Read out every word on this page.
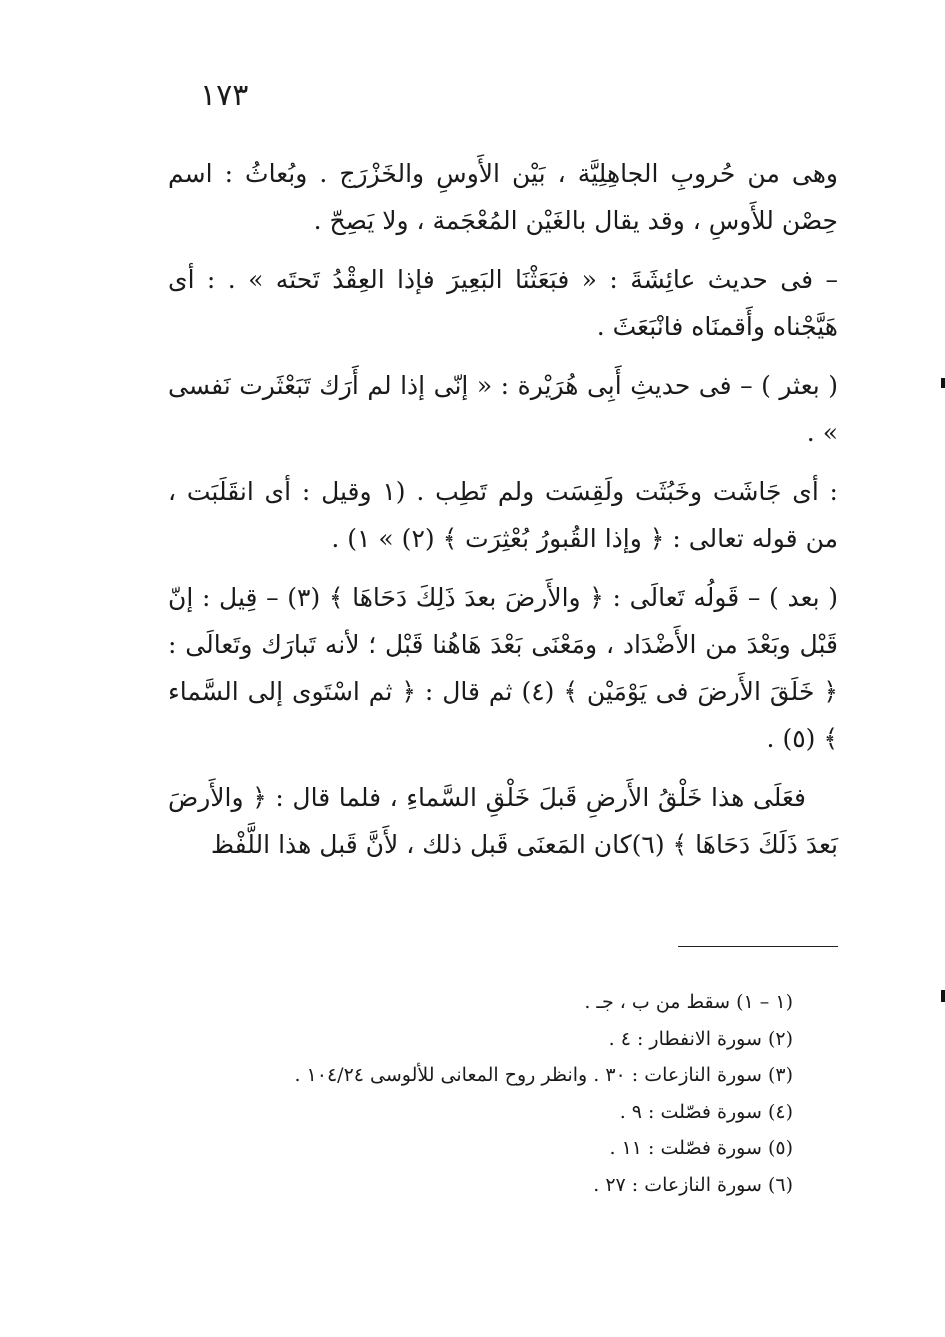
١٧٣

وهى من حُروبِ الجاهِلِيَّة ، بَيْن الأَوسِ والخَزْرَج . وبُعاثُ : اسم حِصْن للأَوسِ ، وقد يقال بالغَيْن المُعْجَمة ، ولا يَصِحّ .

– فى حديث عائِشَةَ : « فبَعَثْنَا البَعِيرَ فإذا العِقْدُ تَحتَه » . : أى هَيَّجْناه وأَقمنَاه فانْبَعَثَ .

( بعثر ) – فى حديثِ أَبِى هُرَيْرة : « إنّى إذا لم أَرَك تَبَعْثَرت نَفسى » .

: أى جَاشَت وخَبُثَت ولَقِسَت ولم تَطِب . (١ وقيل : أى انقَلَبَت ، من قوله تعالى : ﴿ وإذا القُبورُ بُعْثِرَت ﴾ (٢) » ١) .

( بعد ) – قَولُه تَعالَى : ﴿ والأَرضَ بعدَ ذَلِكَ دَحَاهَا ﴾ (٣) – قِيل : إنّ قَبْل وبَعْدَ من الأَضْدَاد ، ومَعْنَى بَعْدَ هَاهُنا قَبْل ؛ لأنه تَبارَك وتَعالَى : ﴿ خَلَقَ الأَرضَ فى يَوْمَيْن ﴾ (٤) ثم قال : ﴿ ثم اسْتَوى إلى السَّماء ﴾ (٥) .

فعَلَى هذا خَلْقُ الأَرضِ قَبلَ خَلْقِ السَّماءِ ، فلما قال : ﴿ والأَرضَ بَعدَ ذَلَكَ دَحَاهَا ﴾ (٦)كان المَعنَى قَبل ذلك ، لأَنَّ قَبل هذا اللَّفْظ

(١ – ١) سقط من ب ، جـ .

(٢) سورة الانفطار : ٤ .

(٣) سورة النازعات : ٣٠ . وانظر روح المعانى للألوسى ١٠٤/٢٤ .

(٤) سورة فصّلت : ٩ .

(٥) سورة فصّلت : ١١ .

(٦) سورة النازعات : ٢٧ .
